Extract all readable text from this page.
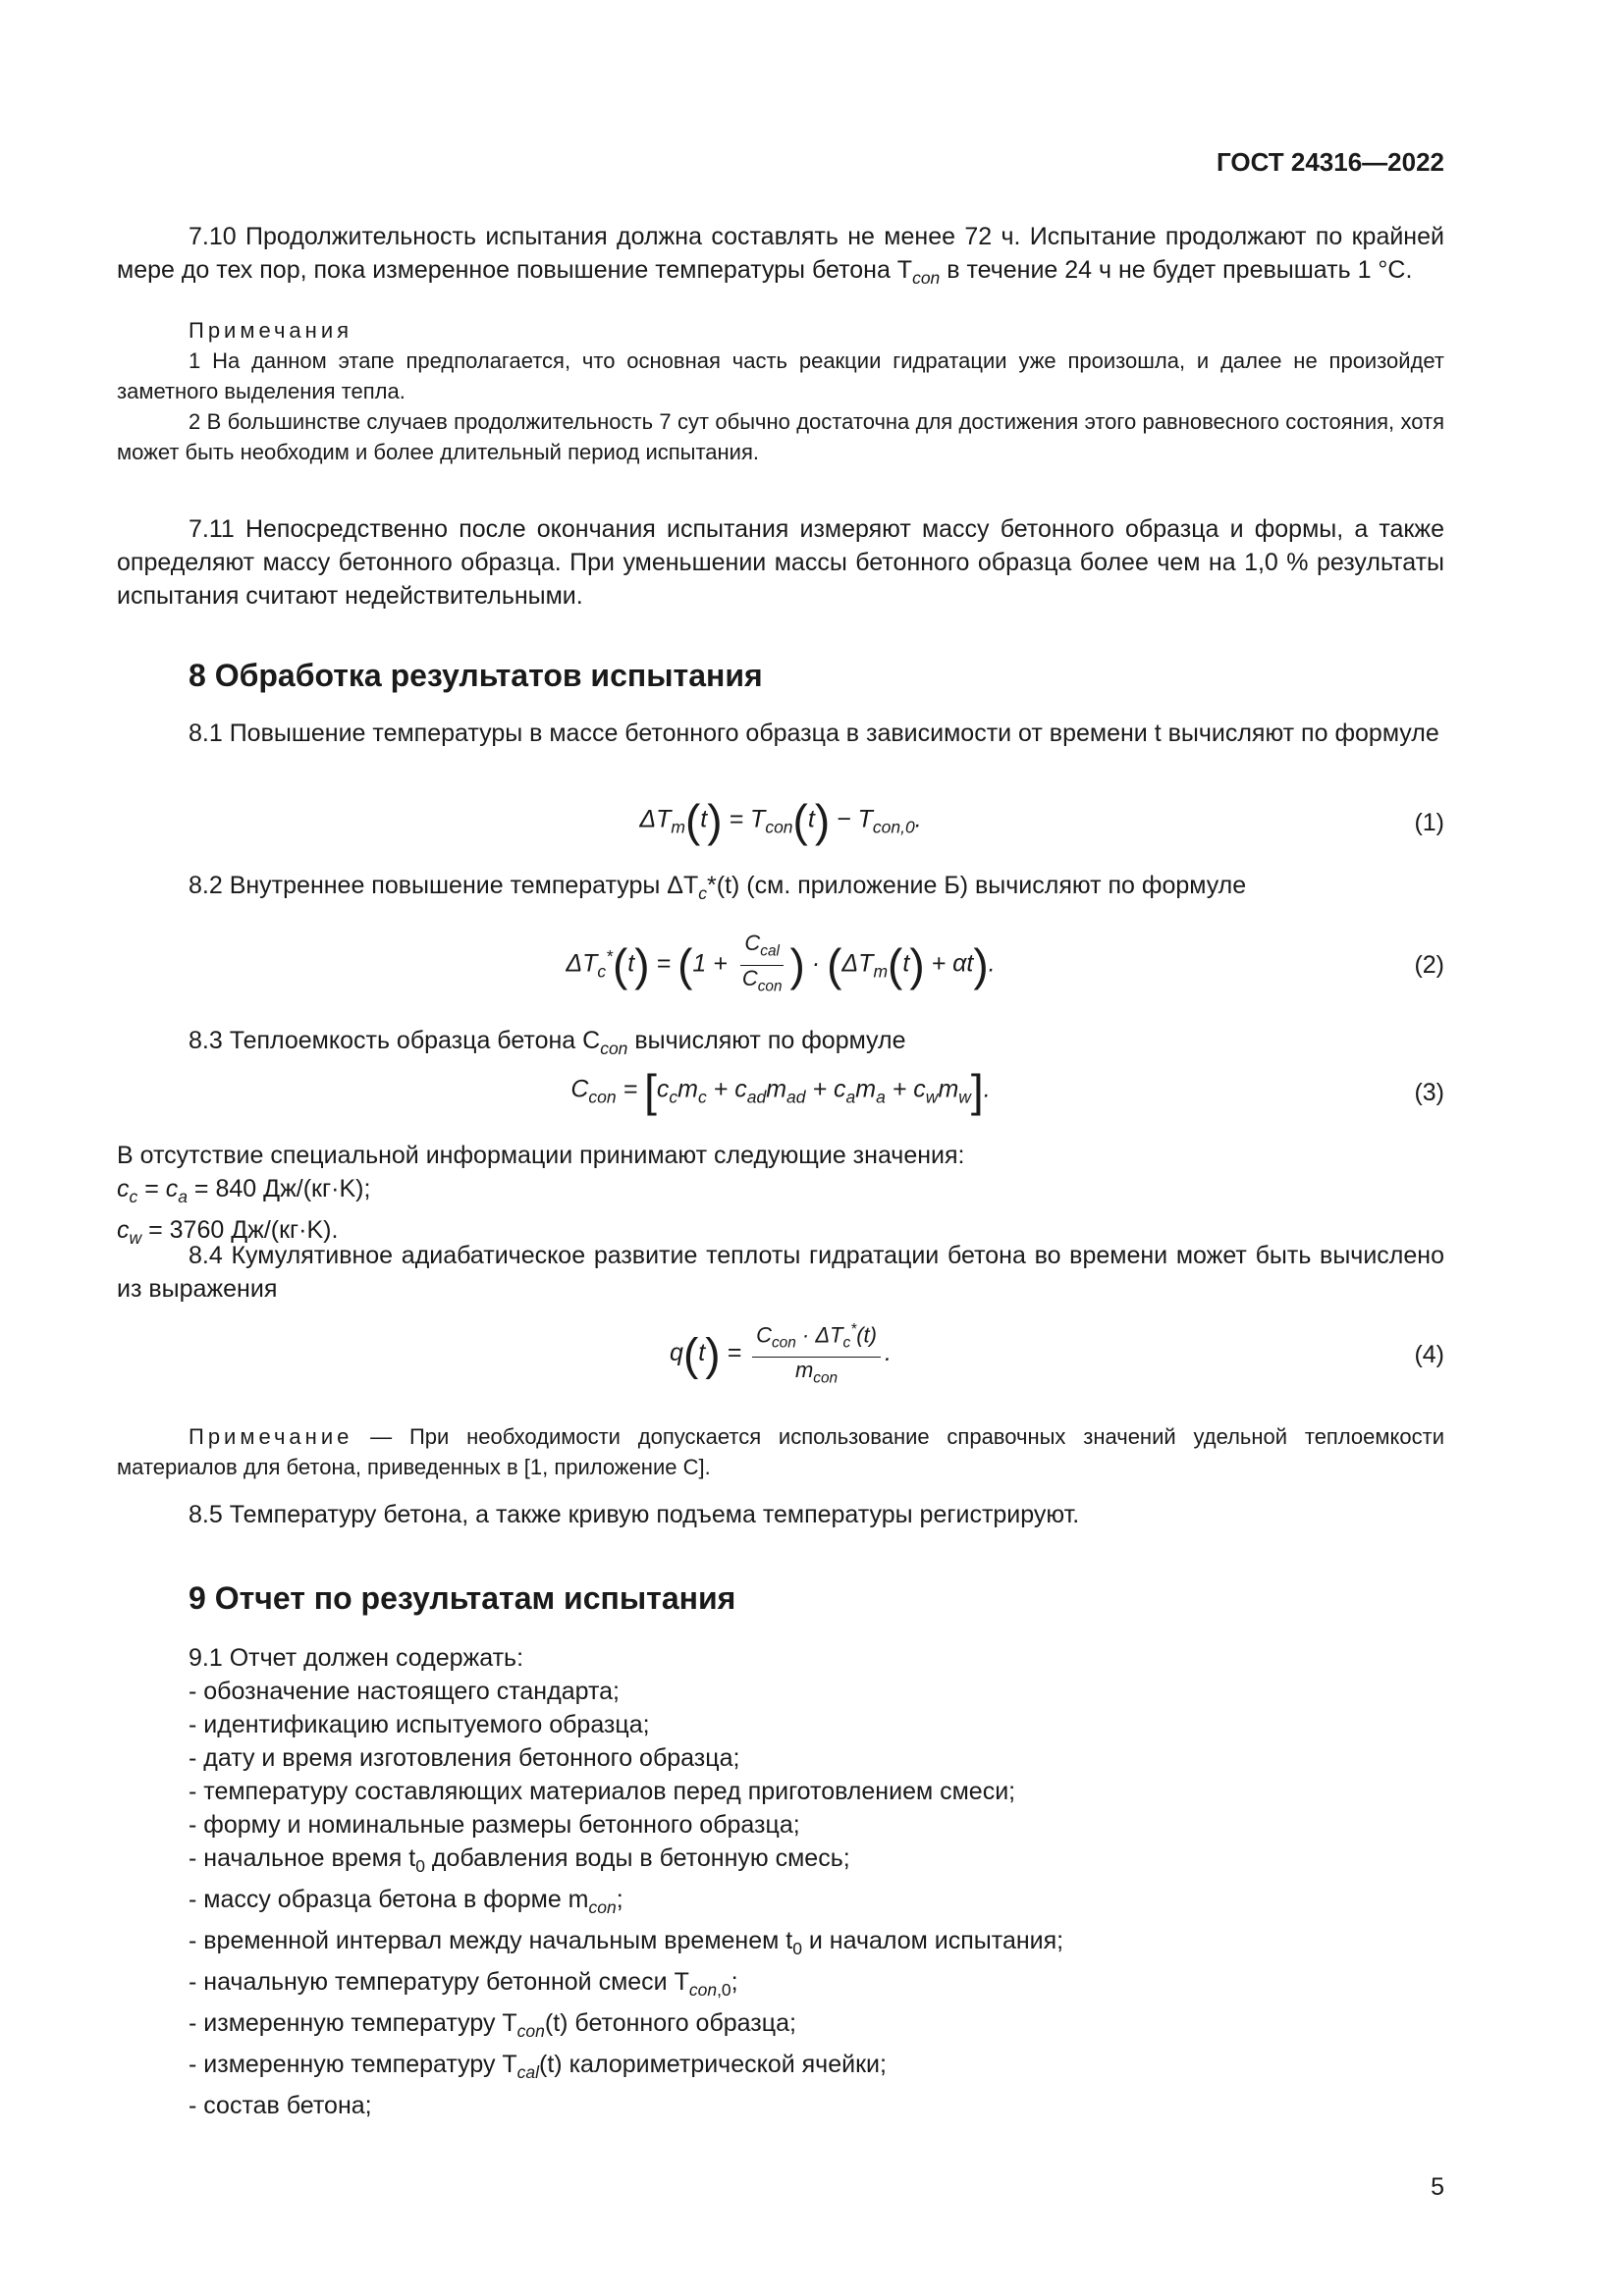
ГОСТ 24316—2022

7.10 Продолжительность испытания должна составлять не менее 72 ч. Испытание продолжают по крайней мере до тех пор, пока измеренное повышение температуры бетона $T_{con}$ в течение 24 ч не будет превышать 1 °С.

Примечания
1 На данном этапе предполагается, что основная часть реакции гидратации уже произошла, и далее не произойдет заметного выделения тепла.
2 В большинстве случаев продолжительность 7 сут обычно достаточна для достижения этого равновесного состояния, хотя может быть необходим и более длительный период испытания.

7.11 Непосредственно после окончания испытания измеряют массу бетонного образца и формы, а также определяют массу бетонного образца. При уменьшении массы бетонного образца более чем на 1,0 % результаты испытания считают недействительными.

8 Обработка результатов испытания

8.1 Повышение температуры в массе бетонного образца в зависимости от времени t вычисляют по формуле

$\Delta T_m(t) = T_{con}(t) - T_{con,0}$.	(1)

8.2 Внутреннее повышение температуры $\Delta T_c*(t)$ (см. приложение Б) вычисляют по формуле

$\Delta T_c^*(t) = (1 + \frac{C_{cal}}{C_{con}}$ ) · $(\Delta T_m(t) + \alpha t)$.	(2)

8.3 Теплоемкость образца бетона $C_{con}$ вычисляют по формуле

$C_{con} = [c_cm_c + c_{ad}m_{ad} + c_am_a + c_wm_w]$.	(3)

В отсутствие специальной информации принимают следующие значения:

$c_c = c_a = 840$ Дж/(кг·K);

$c_w = 3760$ Дж/(кг·K).

8.4 Кумулятивное адиабатическое развитие теплоты гидратации бетона во времени может быть вычислено из выражения

$q(t) = \frac{C_{con} \cdot \Delta T_c^*(t)}{m_{con}}$ .	(4)
Примечание — При необходимости допускается использование справочных значений удельной теплоемкости материалов для бетона, приведенных в [1, приложение С].

8.5 Температуру бетона, а также кривую подъема температуры регистрируют.

9 Отчет по результатам испытания

9.1 Отчет должен содержать:

- обозначение настоящего стандарта;

- идентификацию испытуемого образца;

- дату и время изготовления бетонного образца;

- температуру составляющих материалов перед приготовлением смеси;

- форму и номинальные размеры бетонного образца;

- начальное время $t_0$ добавления воды в бетонную смесь;

- массу образца бетона в форме $m_{con}$;

- временной интервал между начальным временем $t_0$ и началом испытания;

- начальную температуру бетонной смеси $T_{con,0}$;

- измеренную температуру $T_{con}(t)$ бетонного образца;

- измеренную температуру $T_{cal}(t)$ калориметрической ячейки;

- состав бетона;

5
